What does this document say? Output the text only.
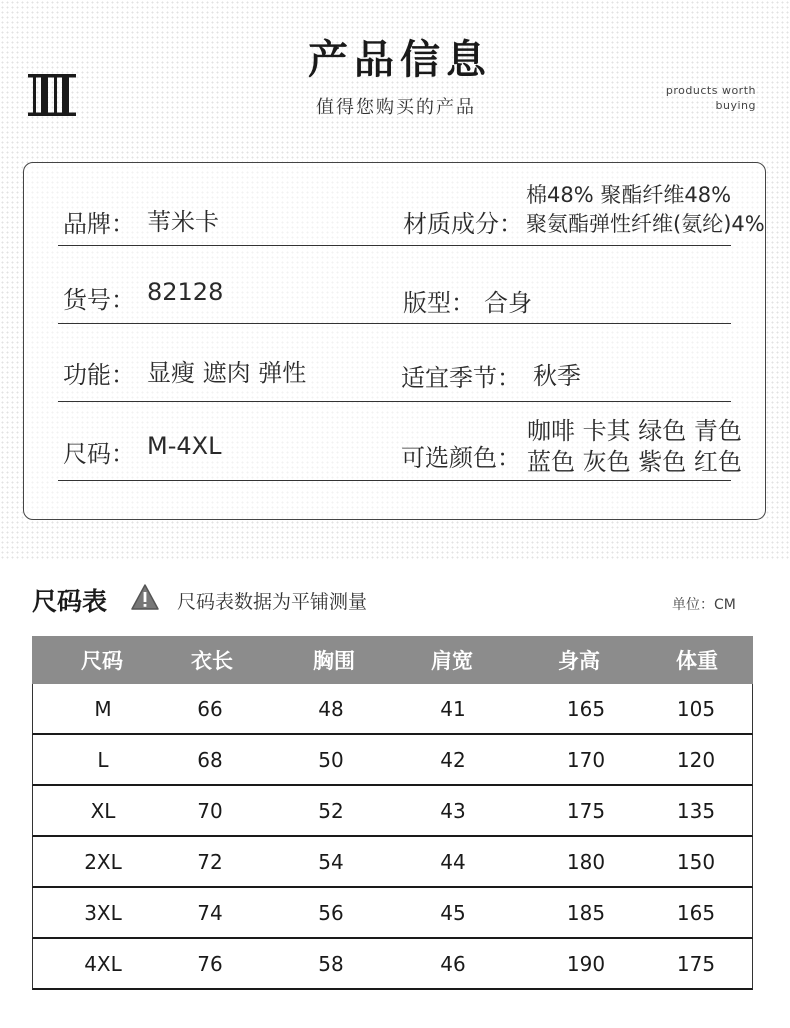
产品信息
值得您购买的产品
products worth
buying
品牌： 苇米卡	材质成分：
棉48% 聚酯纤维48%
聚氨酯弹性纤维(氨纶)4%
货号： 82128	版型： 合身
功能： 显瘦 遮肉 弹性	适宜季节： 秋季
尺码： M-4XL	可选颜色：
咖啡 卡其 绿色 青色
蓝色 灰色 紫色 红色
尺码表	尺码表数据为平铺测量	单位：CM
尺码	衣长	胸围	肩宽	身高	体重
M	66	48	41	165	105
L	68	50	42	170	120
XL	70	52	43	175	135
2XL	72	54	44	180	150
3XL	74	56	45	185	165
4XL	76	58	46	190	175
